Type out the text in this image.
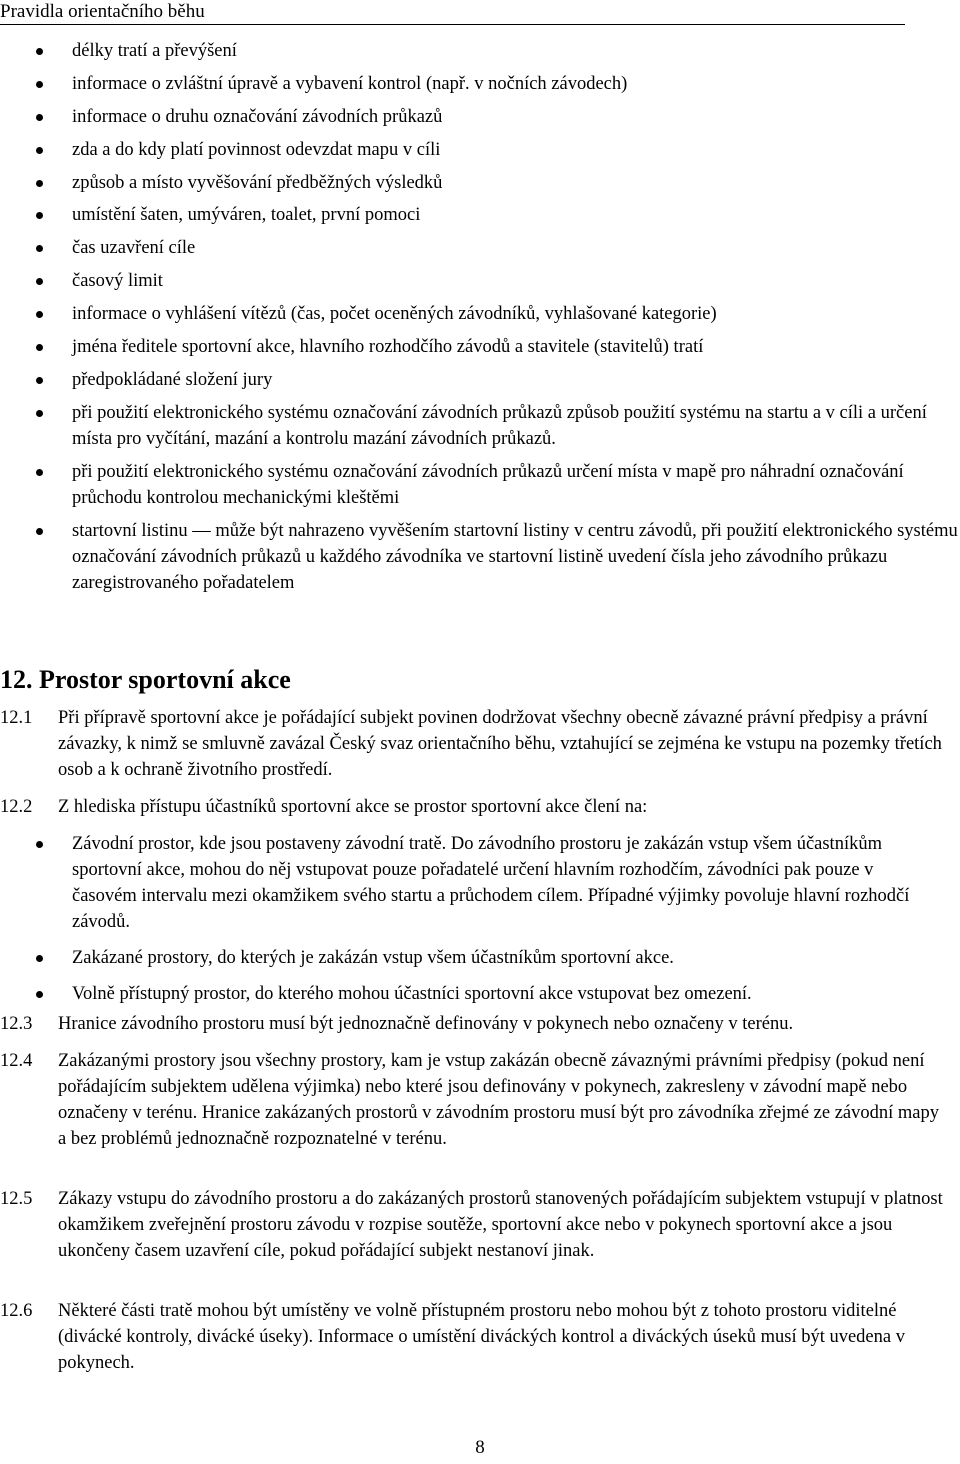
Pravidla orientačního běhu
délky tratí a převýšení
informace o zvláštní úpravě a vybavení kontrol (např. v nočních závodech)
informace o druhu označování závodních průkazů
zda a do kdy platí povinnost odevzdat mapu v cíli
způsob a místo vyvěšování předběžných výsledků
umístění šaten, umýváren, toalet, první pomoci
čas uzavření cíle
časový limit
informace o vyhlášení vítězů (čas, počet oceněných závodníků, vyhlašované kategorie)
jména ředitele sportovní akce, hlavního rozhodčího závodů a stavitele (stavitelů) tratí
předpokládané složení jury
při použití elektronického systému označování závodních průkazů způsob použití systému na startu a v cíli a určení místa pro vyčítání, mazání a kontrolu mazání závodních průkazů.
při použití elektronického systému označování závodních průkazů určení místa v mapě pro náhradní označování průchodu kontrolou mechanickými kleštěmi
startovní listinu — může být nahrazeno vyvěšením startovní listiny v centru závodů, při použití elektronického systému označování závodních průkazů u každého závodníka ve startovní listině uvedení čísla jeho závodního průkazu zaregistrovaného pořadatelem
12. Prostor sportovní akce
12.1 Při přípravě sportovní akce je pořádající subjekt povinen dodržovat všechny obecně závazné právní předpisy a právní závazky, k nimž se smluvně zavázal Český svaz orientačního běhu, vztahující se zejména ke vstupu na pozemky třetích osob a k ochraně životního prostředí.
12.2 Z hlediska přístupu účastníků sportovní akce se prostor sportovní akce člení na:
Závodní prostor, kde jsou postaveny závodní tratě. Do závodního prostoru je zakázán vstup všem účastníkům sportovní akce, mohou do něj vstupovat pouze pořadatelé určení hlavním rozhodčím, závodníci pak pouze v časovém intervalu mezi okamžikem svého startu a průchodem cílem. Případné výjimky povoluje hlavní rozhodčí závodů.
Zakázané prostory, do kterých je zakázán vstup všem účastníkům sportovní akce.
Volně přístupný prostor, do kterého mohou účastníci sportovní akce vstupovat bez omezení.
12.3 Hranice závodního prostoru musí být jednoznačně definovány v pokynech nebo označeny v terénu.
12.4 Zakázanými prostory jsou všechny prostory, kam je vstup zakázán obecně závaznými právními předpisy (pokud není pořádajícím subjektem udělena výjimka) nebo které jsou definovány v pokynech, zakresleny v závodní mapě nebo označeny v terénu. Hranice zakázaných prostorů v závodním prostoru musí být pro závodníka zřejmé ze závodní mapy a bez problémů jednoznačně rozpoznatelné v terénu.
12.5 Zákazy vstupu do závodního prostoru a do zakázaných prostorů stanovených pořádajícím subjektem vstupují v platnost okamžikem zveřejnění prostoru závodu v rozpise soutěže, sportovní akce nebo v pokynech sportovní akce a jsou ukončeny časem uzavření cíle, pokud pořádající subjekt nestanoví jinak.
12.6 Některé části tratě mohou být umístěny ve volně přístupném prostoru nebo mohou být z tohoto prostoru viditelné (divácké kontroly, divácké úseky). Informace o umístění diváckých kontrol a diváckých úseků musí být uvedena v pokynech.
8
